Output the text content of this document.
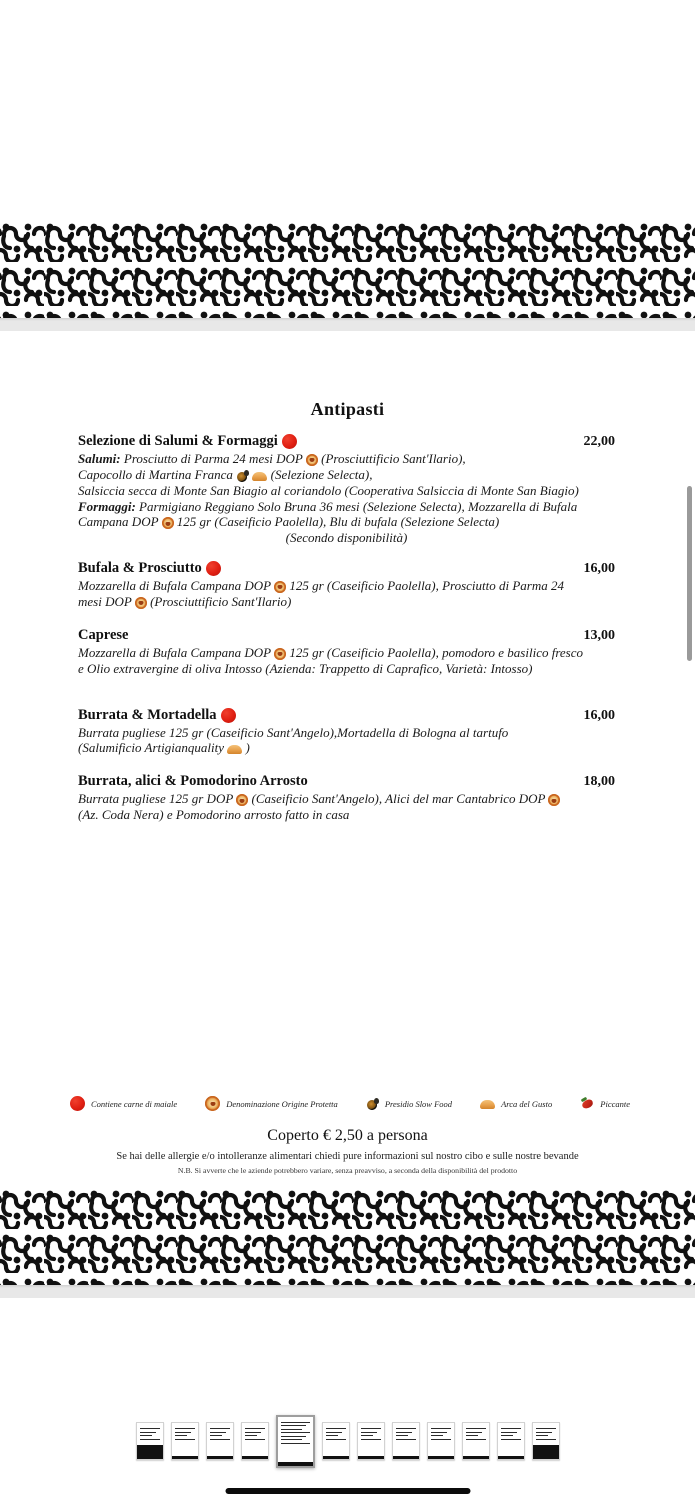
Antipasti
Selezione di Salumi & Formaggi	22,00
Salumi: Prosciutto di Parma 24 mesi DOP (Prosciuttificio Sant'Ilario),
Capocollo di Martina Franca	(Selezione Selecta),
Salsiccia secca di Monte San Biagio al coriandolo (Cooperativa Salsiccia di Monte San Biagio)
Formaggi: Parmigiano Reggiano Solo Bruna 36 mesi (Selezione Selecta), Mozzarella di Bufala
Campana DOP 125 gr (Caseificio Paolella), Blu di bufala (Selezione Selecta)
(Secondo disponibilità)
Bufala & Prosciutto	16,00
Mozzarella di Bufala Campana DOP 125 gr (Caseificio Paolella), Prosciutto di Parma 24
mesi DOP (Prosciuttificio Sant'Ilario)
Caprese	13,00
Mozzarella di Bufala Campana DOP 125 gr (Caseificio Paolella), pomodoro e basilico fresco
e Olio extravergine di oliva Intosso (Azienda: Trappetto di Caprafico, Varietà: Intosso)
Burrata & Mortadella	16,00
Burrata pugliese 125 gr (Caseificio Sant'Angelo),Mortadella di Bologna al tartufo
(Salumificio Artigianquality )
Burrata, alici & Pomodorino Arrosto	18,00
Burrata pugliese 125 gr DOP (Caseificio Sant'Angelo), Alici del mar Cantabrico DOP
(Az. Coda Nera) e Pomodorino arrosto fatto in casa
Contiene carne di maiale	Denominazione Origine Protetta	Presidio Slow Food	Arca del Gusto	Piccante
Coperto € 2,50 a persona
Se hai delle allergie e/o intolleranze alimentari chiedi pure informazioni sul nostro cibo e sulle nostre bevande
N.B. Si avverte che le aziende potrebbero variare, senza preavviso, a seconda della disponibilità del prodotto
